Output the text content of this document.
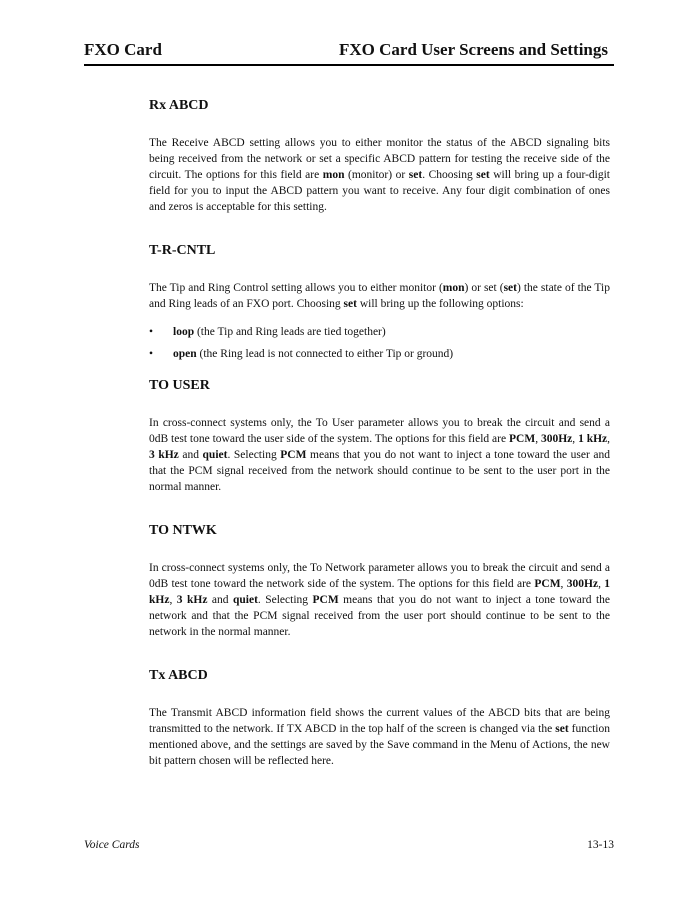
FXO Card	FXO Card User Screens and Settings
Rx ABCD

The Receive ABCD setting allows you to either monitor the status of the ABCD signaling bits being received from the network or set a specific ABCD pattern for testing the receive side of the circuit. The options for this field are mon (monitor) or set. Choosing set will bring up a four-digit field for you to input the ABCD pattern you want to receive. Any four digit combination of ones and zeros is acceptable for this setting.

T-R-CNTL

The Tip and Ring Control setting allows you to either monitor (mon) or set (set) the state of the Tip and Ring leads of an FXO port. Choosing set will bring up the following options:

• loop (the Tip and Ring leads are tied together)
• open (the Ring lead is not connected to either Tip or ground)
TO USER

In cross-connect systems only, the To User parameter allows you to break the circuit and send a 0dB test tone toward the user side of the system. The options for this field are PCM, 300Hz, 1 kHz, 3 kHz and quiet. Selecting PCM means that you do not want to inject a tone toward the user and that the PCM signal received from the network should continue to be sent to the user port in the normal manner.

TO NTWK

In cross-connect systems only, the To Network parameter allows you to break the circuit and send a 0dB test tone toward the network side of the system. The options for this field are PCM, 300Hz, 1 kHz, 3 kHz and quiet. Selecting PCM means that you do not want to inject a tone toward the network and that the PCM signal received from the user port should continue to be sent to the network in the normal manner.

Tx ABCD

The Transmit ABCD information field shows the current values of the ABCD bits that are being transmitted to the network. If TX ABCD in the top half of the screen is changed via the set function mentioned above, and the settings are saved by the Save command in the Menu of Actions, the new bit pattern chosen will be reflected here.

Voice Cards	13-13
